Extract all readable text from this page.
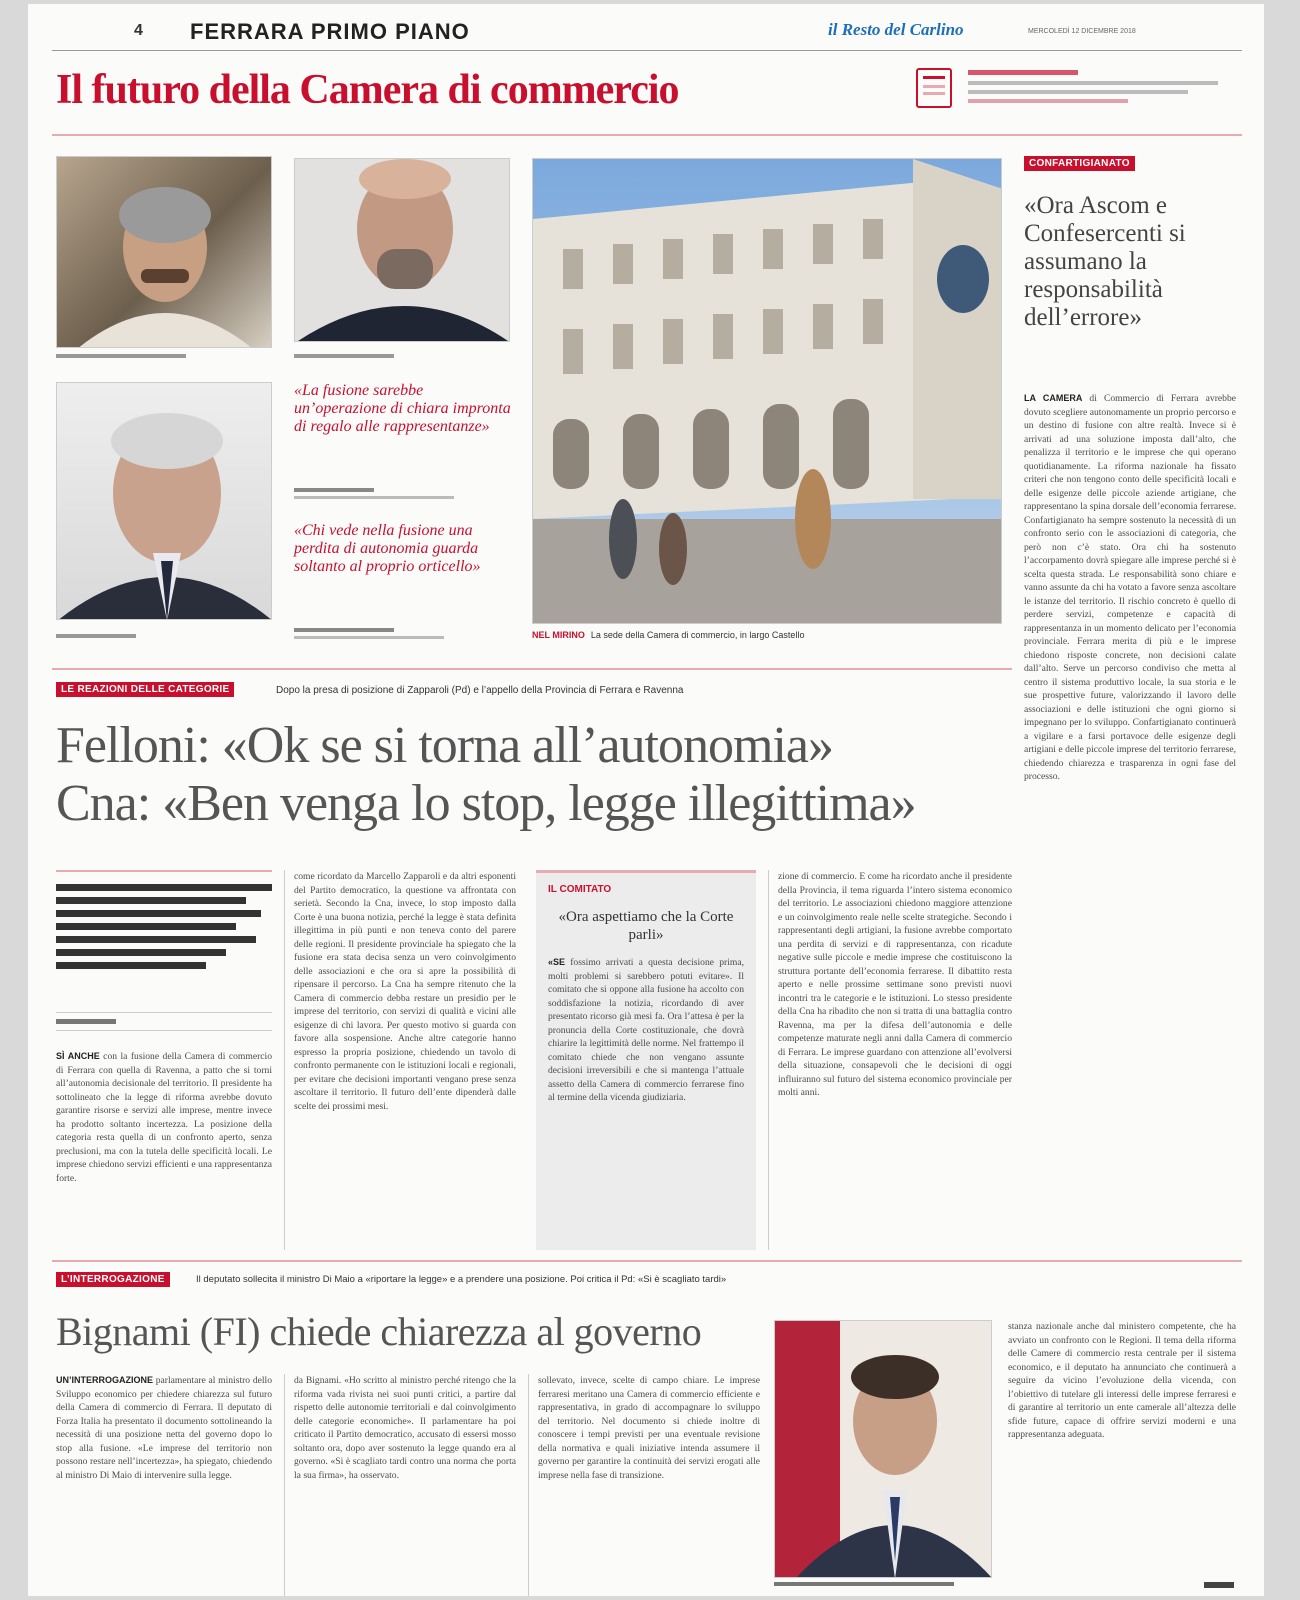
4 FERRARA PRIMO PIANO	il Resto del Carlino	MERCOLEDÌ 12 DICEMBRE 2018
Il futuro della Camera di commercio
«La fusione sarebbe un’operazione di chiara impronta di regalo alle rappresentanze»
«Chi vede nella fusione una perdita di autonomia guarda soltanto al proprio orticello»
NEL MIRINO La sede della Camera di commercio, in largo Castello
CONFARTIGIANATO
«Ora Ascom e Confesercenti si assumano la responsabilità dell’errore»
LA CAMERA di Commercio di Ferrara avrebbe dovuto scegliere autonomamente un proprio percorso e un destino di fusione con altre realtà. Invece si è arrivati ad una soluzione imposta dall’alto, che penalizza il territorio e le imprese che qui operano quotidianamente. La riforma nazionale ha fissato criteri che non tengono conto delle specificità locali e delle esigenze delle piccole aziende artigiane, che rappresentano la spina dorsale dell’economia ferrarese. Confartigianato ha sempre sostenuto la necessità di un confronto serio con le associazioni di categoria, che però non c’è stato. Ora chi ha sostenuto l’accorpamento dovrà spiegare alle imprese perché si è scelta questa strada. Le responsabilità sono chiare e vanno assunte da chi ha votato a favore senza ascoltare le istanze del territorio. Il rischio concreto è quello di perdere servizi, competenze e capacità di rappresentanza in un momento delicato per l’economia provinciale. Ferrara merita di più e le imprese chiedono risposte concrete, non decisioni calate dall’alto. Serve un percorso condiviso che metta al centro il sistema produttivo locale, la sua storia e le sue prospettive future, valorizzando il lavoro delle associazioni e delle istituzioni che ogni giorno si impegnano per lo sviluppo. Confartigianato continuerà a vigilare e a farsi portavoce delle esigenze degli artigiani e delle piccole imprese del territorio ferrarese, chiedendo chiarezza e trasparenza in ogni fase del processo.
LE REAZIONI DELLE CATEGORIE	Dopo la presa di posizione di Zapparoli (Pd) e l’appello della Provincia di Ferrara e Ravenna
Felloni: «Ok se si torna all’autonomia»
Cna: «Ben venga lo stop, legge illegittima»
SÌ ANCHE con la fusione della Camera di commercio di Ferrara con quella di Ravenna, a patto che si torni all’autonomia decisionale del territorio. Il presidente ha sottolineato che la legge di riforma avrebbe dovuto garantire risorse e servizi alle imprese, mentre invece ha prodotto soltanto incertezza. La posizione della categoria resta quella di un confronto aperto, senza preclusioni, ma con la tutela delle specificità locali. Le imprese chiedono servizi efficienti e una rappresentanza forte.
come ricordato da Marcello Zapparoli e da altri esponenti del Partito democratico, la questione va affrontata con serietà. Secondo la Cna, invece, lo stop imposto dalla Corte è una buona notizia, perché la legge è stata definita illegittima in più punti e non teneva conto del parere delle regioni. Il presidente provinciale ha spiegato che la fusione era stata decisa senza un vero coinvolgimento delle associazioni e che ora si apre la possibilità di ripensare il percorso. La Cna ha sempre ritenuto che la Camera di commercio debba restare un presidio per le imprese del territorio, con servizi di qualità e vicini alle esigenze di chi lavora. Per questo motivo si guarda con favore alla sospensione. Anche altre categorie hanno espresso la propria posizione, chiedendo un tavolo di confronto permanente con le istituzioni locali e regionali, per evitare che decisioni importanti vengano prese senza ascoltare il territorio. Il futuro dell’ente dipenderà dalle scelte dei prossimi mesi.
IL COMITATO
«Ora aspettiamo che la Corte parli»
«SE fossimo arrivati a questa decisione prima, molti problemi si sarebbero potuti evitare». Il comitato che si oppone alla fusione ha accolto con soddisfazione la notizia, ricordando di aver presentato ricorso già mesi fa. Ora l’attesa è per la pronuncia della Corte costituzionale, che dovrà chiarire la legittimità delle norme. Nel frattempo il comitato chiede che non vengano assunte decisioni irreversibili e che si mantenga l’attuale assetto della Camera di commercio ferrarese fino al termine della vicenda giudiziaria.
zione di commercio. E come ha ricordato anche il presidente della Provincia, il tema riguarda l’intero sistema economico del territorio. Le associazioni chiedono maggiore attenzione e un coinvolgimento reale nelle scelte strategiche. Secondo i rappresentanti degli artigiani, la fusione avrebbe comportato una perdita di servizi e di rappresentanza, con ricadute negative sulle piccole e medie imprese che costituiscono la struttura portante dell’economia ferrarese. Il dibattito resta aperto e nelle prossime settimane sono previsti nuovi incontri tra le categorie e le istituzioni. Lo stesso presidente della Cna ha ribadito che non si tratta di una battaglia contro Ravenna, ma per la difesa dell’autonomia e delle competenze maturate negli anni dalla Camera di commercio di Ferrara. Le imprese guardano con attenzione all’evolversi della situazione, consapevoli che le decisioni di oggi influiranno sul futuro del sistema economico provinciale per molti anni.
L’INTERROGAZIONE	Il deputato sollecita il ministro Di Maio a «riportare la legge» e a prendere una posizione. Poi critica il Pd: «Si è scagliato tardi»
Bignami (FI) chiede chiarezza al governo
UN’INTERROGAZIONE parlamentare al ministro dello Sviluppo economico per chiedere chiarezza sul futuro della Camera di commercio di Ferrara. Il deputato di Forza Italia ha presentato il documento sottolineando la necessità di una posizione netta del governo dopo lo stop alla fusione. «Le imprese del territorio non possono restare nell’incertezza», ha spiegato, chiedendo al ministro Di Maio di intervenire sulla legge.
da Bignami. «Ho scritto al ministro perché ritengo che la riforma vada rivista nei suoi punti critici, a partire dal rispetto delle autonomie territoriali e dal coinvolgimento delle categorie economiche». Il parlamentare ha poi criticato il Partito democratico, accusato di essersi mosso soltanto ora, dopo aver sostenuto la legge quando era al governo. «Si è scagliato tardi contro una norma che porta la sua firma», ha osservato.
sollevato, invece, scelte di campo chiare. Le imprese ferraresi meritano una Camera di commercio efficiente e rappresentativa, in grado di accompagnare lo sviluppo del territorio. Nel documento si chiede inoltre di conoscere i tempi previsti per una eventuale revisione della normativa e quali iniziative intenda assumere il governo per garantire la continuità dei servizi erogati alle imprese nella fase di transizione.
stanza nazionale anche dal ministero competente, che ha avviato un confronto con le Regioni. Il tema della riforma delle Camere di commercio resta centrale per il sistema economico, e il deputato ha annunciato che continuerà a seguire da vicino l’evoluzione della vicenda, con l’obiettivo di tutelare gli interessi delle imprese ferraresi e di garantire al territorio un ente camerale all’altezza delle sfide future, capace di offrire servizi moderni e una rappresentanza adeguata.
